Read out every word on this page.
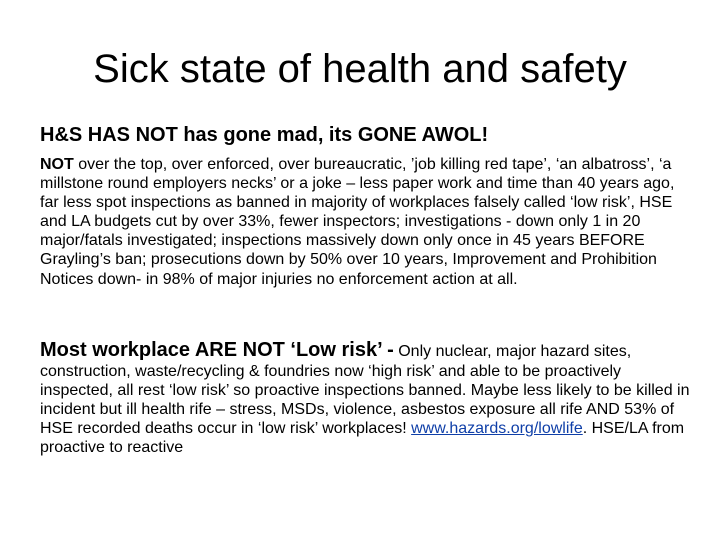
Sick state of health and safety
H&S HAS NOT has gone mad, its GONE AWOL!
NOT over the top, over enforced, over bureaucratic, ’job killing red tape’, ‘an albatross’, ‘a millstone round employers necks’ or a joke – less paper work and time than 40 years ago, far less spot inspections as banned in majority of workplaces falsely called ‘low risk’, HSE and LA budgets cut by over 33%, fewer inspectors; investigations - down only 1 in 20 major/fatals investigated; inspections massively down only once in 45 years BEFORE Grayling’s ban; prosecutions down by 50% over 10 years, Improvement and Prohibition Notices down- in 98% of major injuries no enforcement action at all.
Most workplace ARE NOT ‘Low risk’ - Only nuclear, major hazard sites, construction, waste/recycling & foundries now ‘high risk’ and able to be proactively inspected, all rest ‘low risk’ so proactive inspections banned. Maybe less likely to be killed in incident but ill health rife – stress, MSDs, violence, asbestos exposure all rife AND 53% of HSE recorded deaths occur in ‘low risk’ workplaces! www.hazards.org/lowlife. HSE/LA from proactive to reactive
